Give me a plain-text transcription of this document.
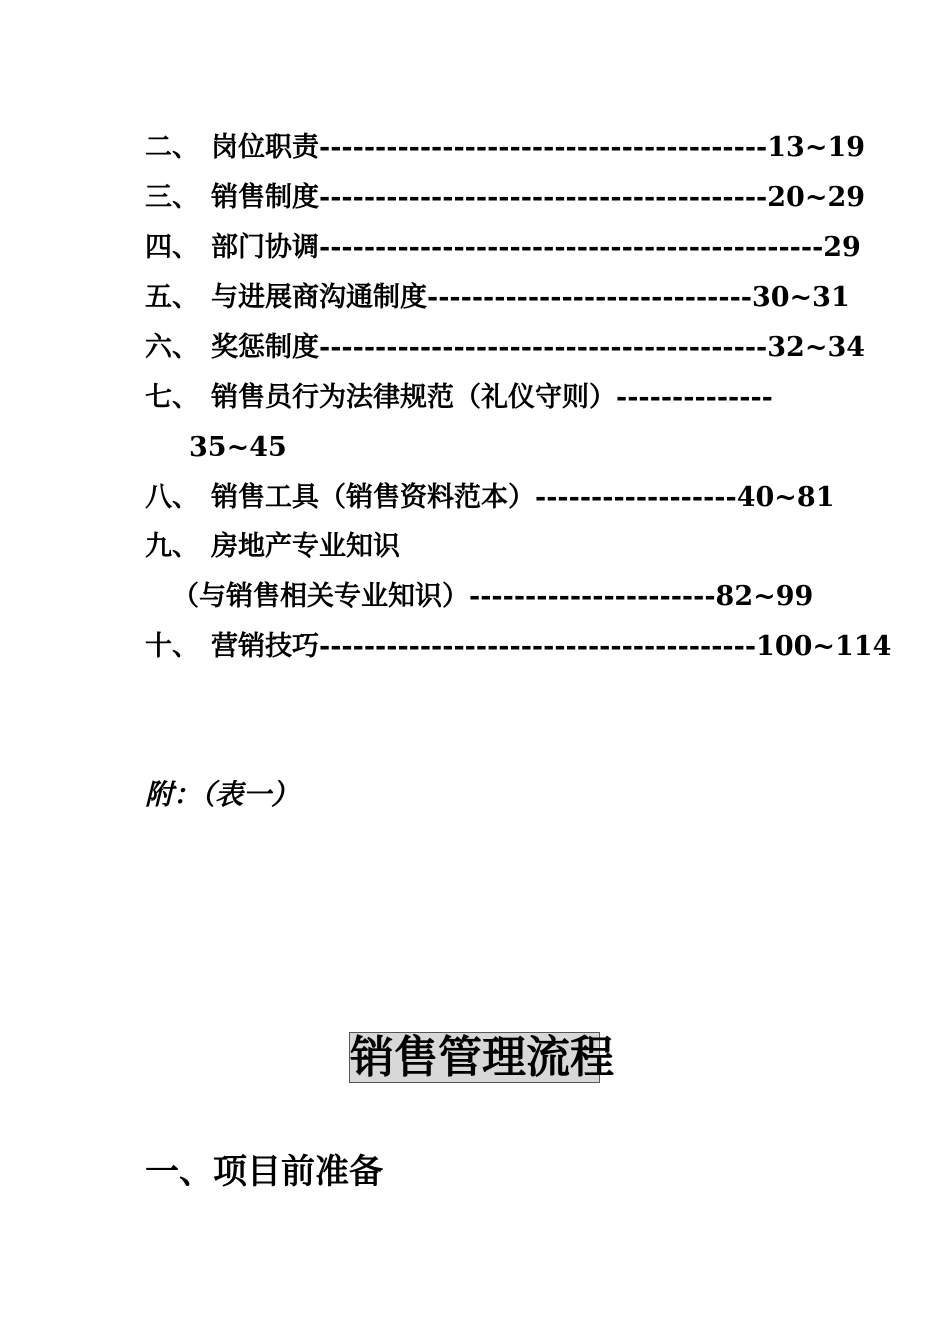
二、 岗位职责----------------------------------------13~19
三、 销售制度----------------------------------------20~29
四、 部门协调---------------------------------------------29
五、 与进展商沟通制度-----------------------------30~31
六、 奖惩制度----------------------------------------32~34
七、 销售员行为法律规范（礼仪守则）--------------
35~45
八、 销售工具（销售资料范本）------------------40~81
九、 房地产专业知识
（与销售相关专业知识）----------------------82~99
十、 营销技巧---------------------------------------100~114
附：（表一）
销售管理流程
一、项目前准备
